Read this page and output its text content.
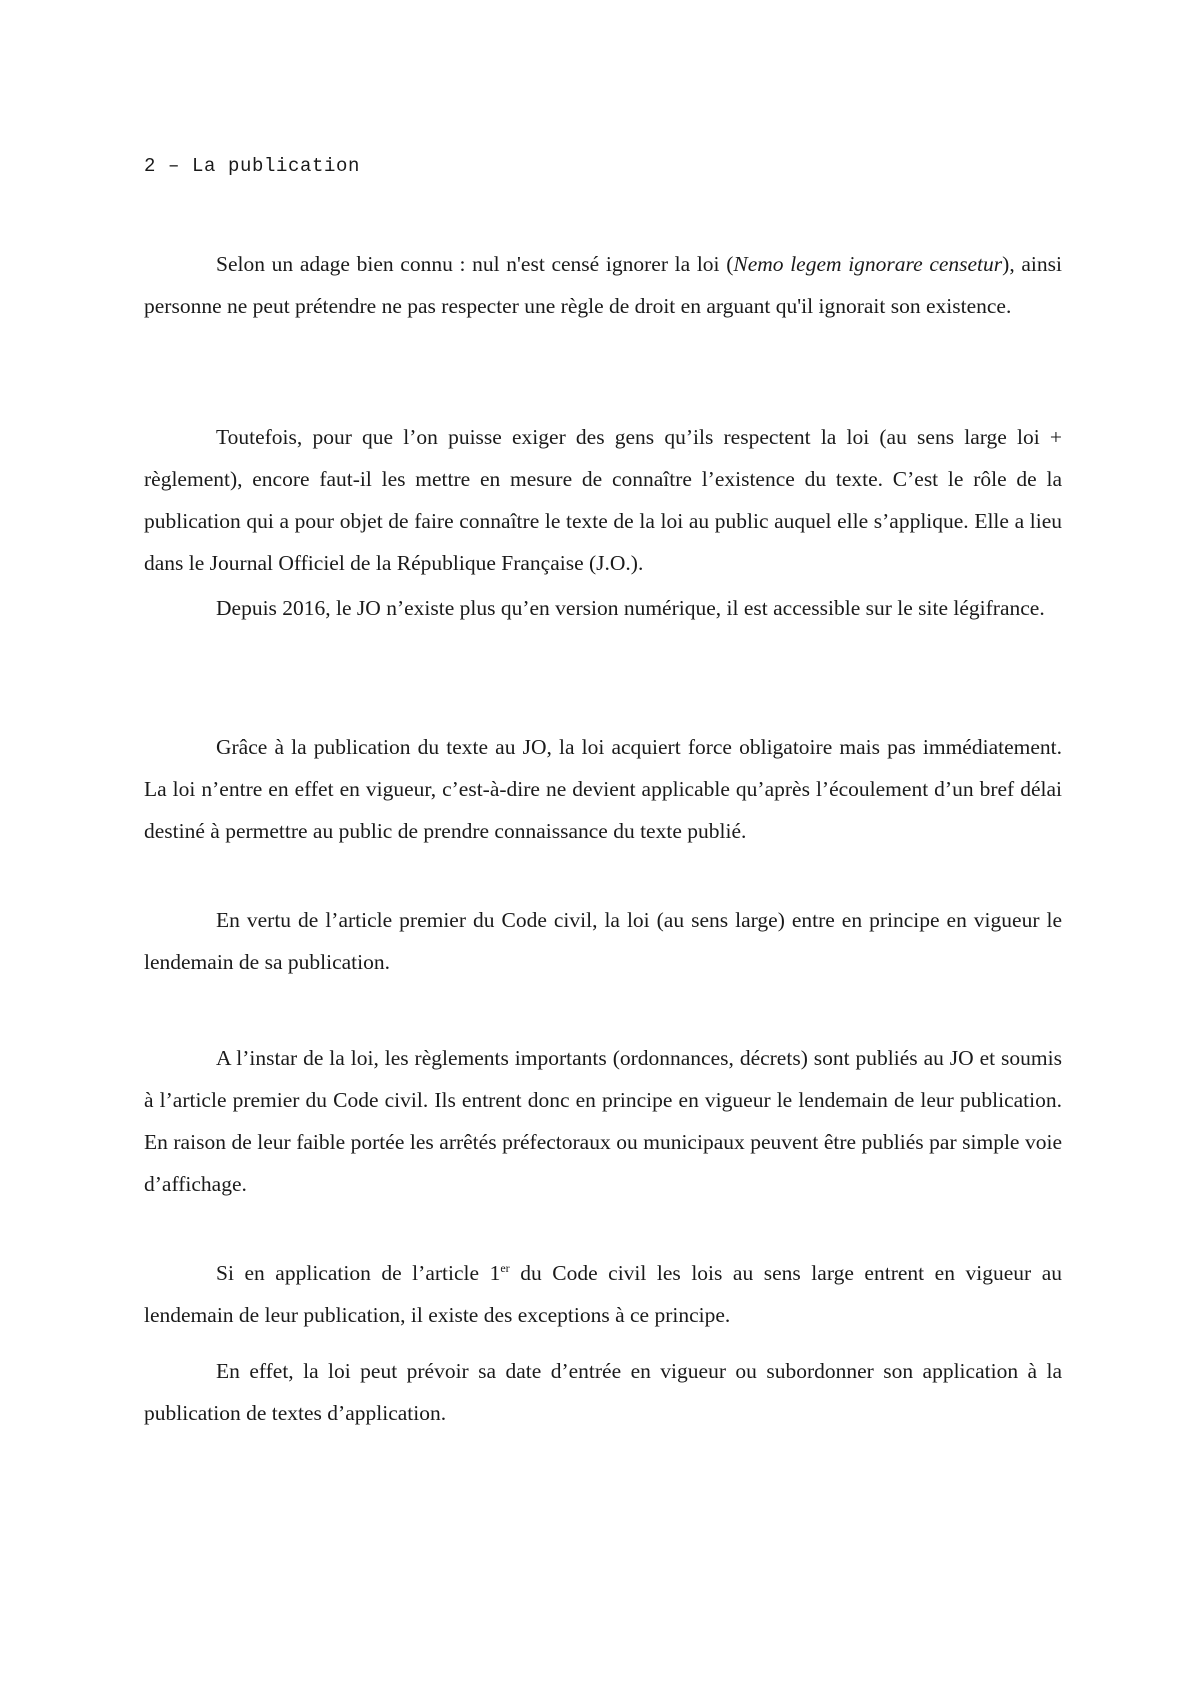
2 – La publication

Selon un adage bien connu : nul n'est censé ignorer la loi (Nemo legem ignorare censetur), ainsi personne ne peut prétendre ne pas respecter une règle de droit en arguant qu'il ignorait son existence.

Toutefois, pour que l’on puisse exiger des gens qu’ils respectent la loi (au sens large loi + règlement), encore faut-il les mettre en mesure de connaître l’existence du texte. C’est le rôle de la publication qui a pour objet de faire connaître le texte de la loi au public auquel elle s’applique. Elle a lieu dans le Journal Officiel de la République Française (J.O.).

Depuis 2016, le JO n’existe plus qu’en version numérique, il est accessible sur le site légifrance.

Grâce à la publication du texte au JO, la loi acquiert force obligatoire mais pas immédiatement. La loi n’entre en effet en vigueur, c’est-à-dire ne devient applicable qu’après l’écoulement d’un bref délai destiné à permettre au public de prendre connaissance du texte publié.

En vertu de l’article premier du Code civil, la loi (au sens large) entre en principe en vigueur le lendemain de sa publication.

A l’instar de la loi, les règlements importants (ordonnances, décrets) sont publiés au JO et soumis à l’article premier du Code civil. Ils entrent donc en principe en vigueur le lendemain de leur publication. En raison de leur faible portée les arrêtés préfectoraux ou municipaux peuvent être publiés par simple voie d’affichage.

Si en application de l’article 1er du Code civil les lois au sens large entrent en vigueur au lendemain de leur publication, il existe des exceptions à ce principe.

En effet, la loi peut prévoir sa date d’entrée en vigueur ou subordonner son application à la publication de textes d’application.
